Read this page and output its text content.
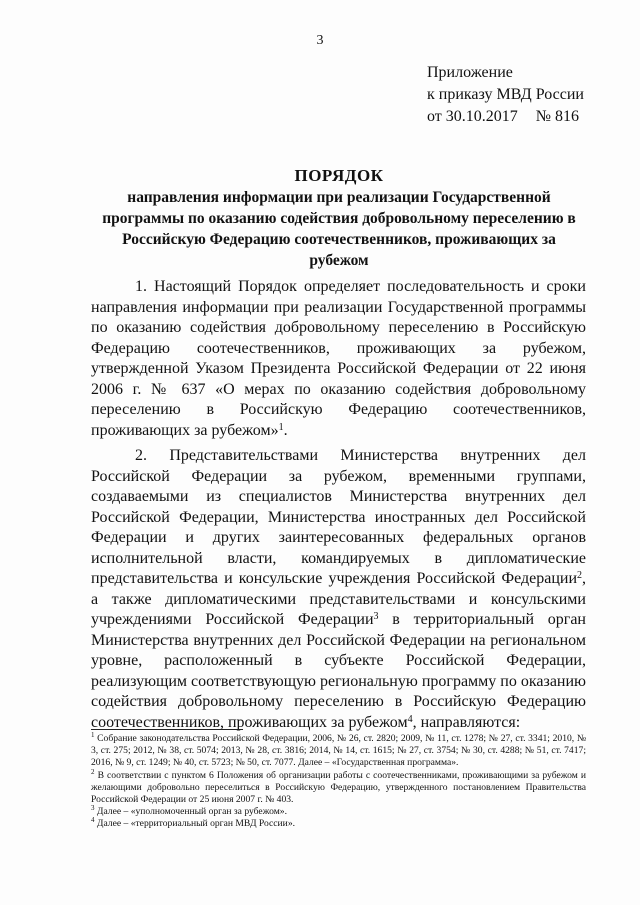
3
Приложение
к приказу МВД России
от 30.10.2017 № 816
ПОРЯДОК
направления информации при реализации Государственной программы по оказанию содействия добровольному переселению в Российскую Федерацию соотечественников, проживающих за рубежом

1. Настоящий Порядок определяет последовательность и сроки направления информации при реализации Государственной программы по оказанию содействия добровольному переселению в Российскую Федерацию соотечественников, проживающих за рубежом, утвержденной Указом Президента Российской Федерации от 22 июня 2006 г. № 637 «О мерах по оказанию содействия добровольному переселению в Российскую Федерацию соотечественников, проживающих за рубежом»$^1$.

2. Представительствами Министерства внутренних дел Российской Федерации за рубежом, временными группами, создаваемыми из специалистов Министерства внутренних дел Российской Федерации, Министерства иностранных дел Российской Федерации и других заинтересованных федеральных органов исполнительной власти, командируемых в дипломатические представительства и консульские учреждения Российской Федерации$^2$, а также дипломатическими представительствами и консульскими учреждениями Российской Федерации$^3$ в территориальный орган Министерства внутренних дел Российской Федерации на региональном уровне, расположенный в субъекте Российской Федерации, реализующим соответствующую региональную программу по оказанию содействия добровольному переселению в Российскую Федерацию соотечественников, проживающих за рубежом$^4$, направляются:

$^1$ Собрание законодательства Российской Федерации, 2006, № 26, ст. 2820; 2009, № 11, ст. 1278; № 27, ст. 3341; 2010, № 3, ст. 275; 2012, № 38, ст. 5074; 2013, № 28, ст. 3816; 2014, № 14, ст. 1615; № 27, ст. 3754; № 30, ст. 4288; № 51, ст. 7417; 2016, № 9, ст. 1249; № 40, ст. 5723; № 50, ст. 7077. Далее – «Государственная программа».

$^2$ В соответствии с пунктом 6 Положения об организации работы с соотечественниками, проживающими за рубежом и желающими добровольно переселиться в Российскую Федерацию, утвержденного постановлением Правительства Российской Федерации от 25 июня 2007 г. № 403.

$^3$ Далее – «уполномоченный орган за рубежом».

$^4$ Далее – «территориальный орган МВД России».
